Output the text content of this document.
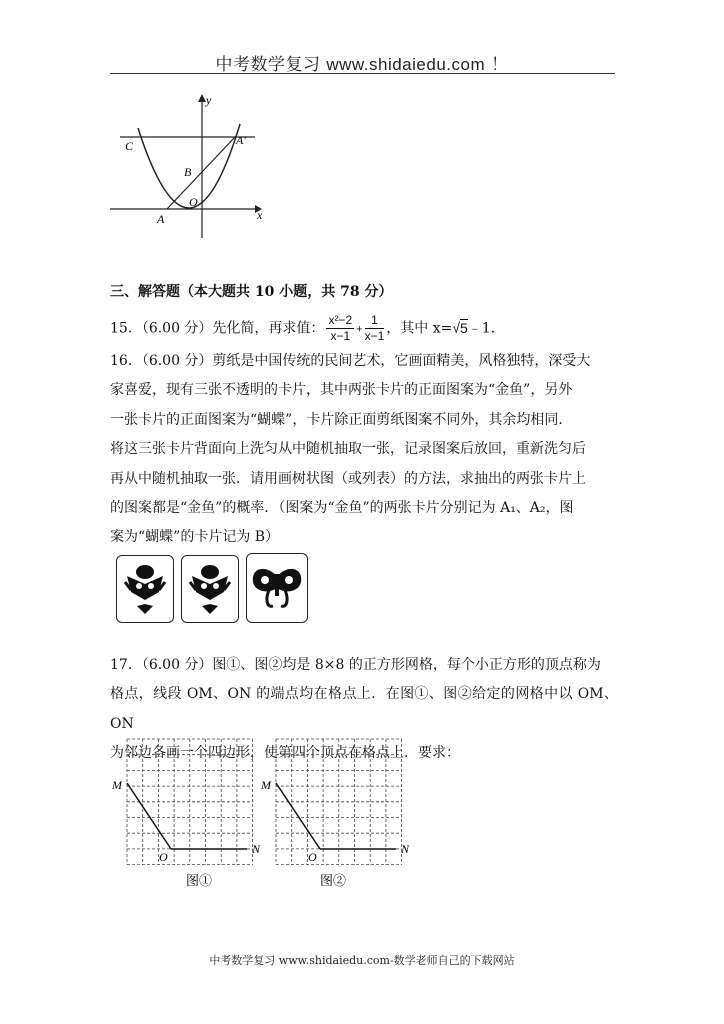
中考数学复习 www.shidaiedu.com ！
y
x
C	A′
B
O
A
三、解答题（本大题共 10 小题，共 78 分）

15．（6.00 分）先化简，再求值： $\frac{\text{x²−2}}{x-1} + \frac{1}{x-1}$ ，其中 x=√5﹣1．

16．（6.00 分）剪纸是中国传统的民间艺术，它画面精美，风格独特，深受大

家喜爱，现有三张不透明的卡片，其中两张卡片的正面图案为“金鱼”，另外

一张卡片的正面图案为“蝴蝶”，卡片除正面剪纸图案不同外，其余均相同．

将这三张卡片背面向上洗匀从中随机抽取一张，记录图案后放回，重新洗匀后

再从中随机抽取一张．请用画树状图（或列表）的方法，求抽出的两张卡片上

的图案都是“金鱼”的概率．（图案为“金鱼”的两张卡片分别记为 A₁、A₂，图

案为“蝴蝶”的卡片记为 B）

17．（6.00 分）图①、图②均是 8×8 的正方形网格，每个小正方形的顶点称为

格点，线段 OM、ON 的端点均在格点上．在图①、图②给定的网格中以 OM、ON

为邻边各画一个四边形，使第四个顶点在格点上．要求：

M
O
N
图①
M
O
N
图②
中考数学复习 www.shidaiedu.com-数学老师自己的下载网站
